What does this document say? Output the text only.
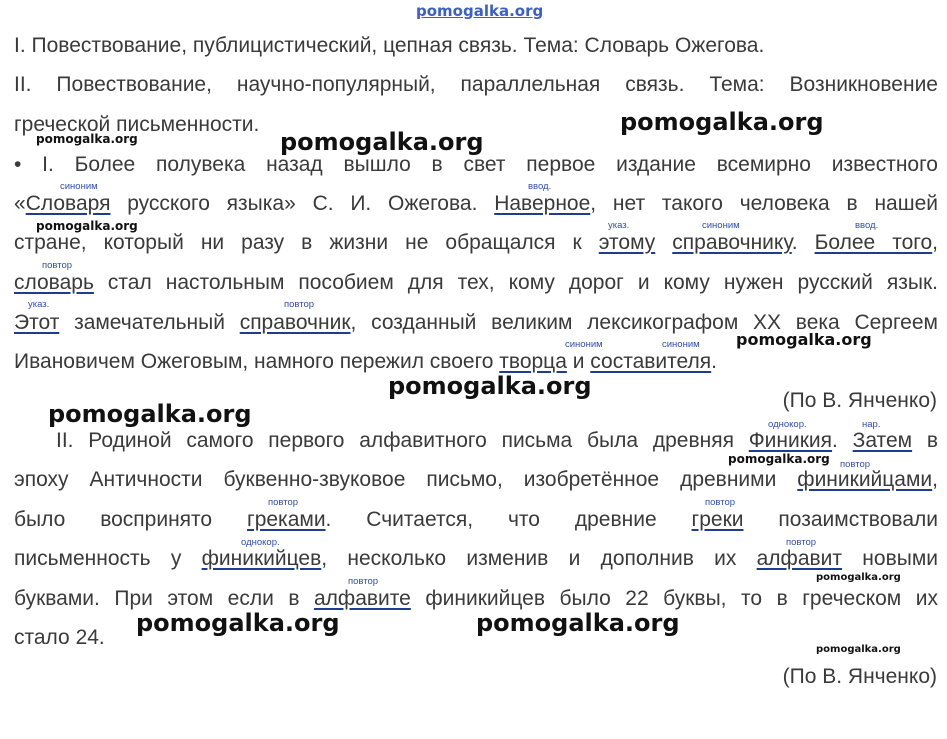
pomogalka.org
I. Повествование, публицистический, цепная связь. Тема: Словарь Ожегова.
II. Повествование, научно-популярный, параллельная связь. Тема: Возникновение
греческой письменности.
• I. Более полувека назад вышло в свет первое издание всемирно известного
«Словаря русского языка» С. И. Ожегова. Наверное, нет такого человека в нашей
стране, который ни разу в жизни не обращался к этому справочнику. Более того,
словарь стал настольным пособием для тех, кому дорог и кому нужен русский язык.
Этот замечательный справочник, созданный великим лексикографом XX века Сергеем
Ивановичем Ожеговым, намного пережил своего творца и составителя.
(По В. Янченко)
II. Родиной самого первого алфавитного письма была древняя Финикия. Затем в
эпоху Античности буквенно-звуковое письмо, изобретённое древними финикийцами,
было воспринято греками. Считается, что древние греки позаимствовали
письменность у финикийцев, несколько изменив и дополнив их алфавит новыми
буквами. При этом если в алфавите финикийцев было 22 буквы, то в греческом их
стало 24.
(По В. Янченко)
синоним	ввод.
указ.	синоним	ввод.
повтор
указ.	повтор
синоним	синоним
однокор.	нар.
повтор
повтор	повтор
однокор.	повтор
повтор
pomogalka.org	pomogalka.org
pomogalka.org
pomogalka.org
pomogalka.org
pomogalka.org
pomogalka.org
pomogalka.org
pomogalka.org
pomogalka.org	pomogalka.org
pomogalka.org
